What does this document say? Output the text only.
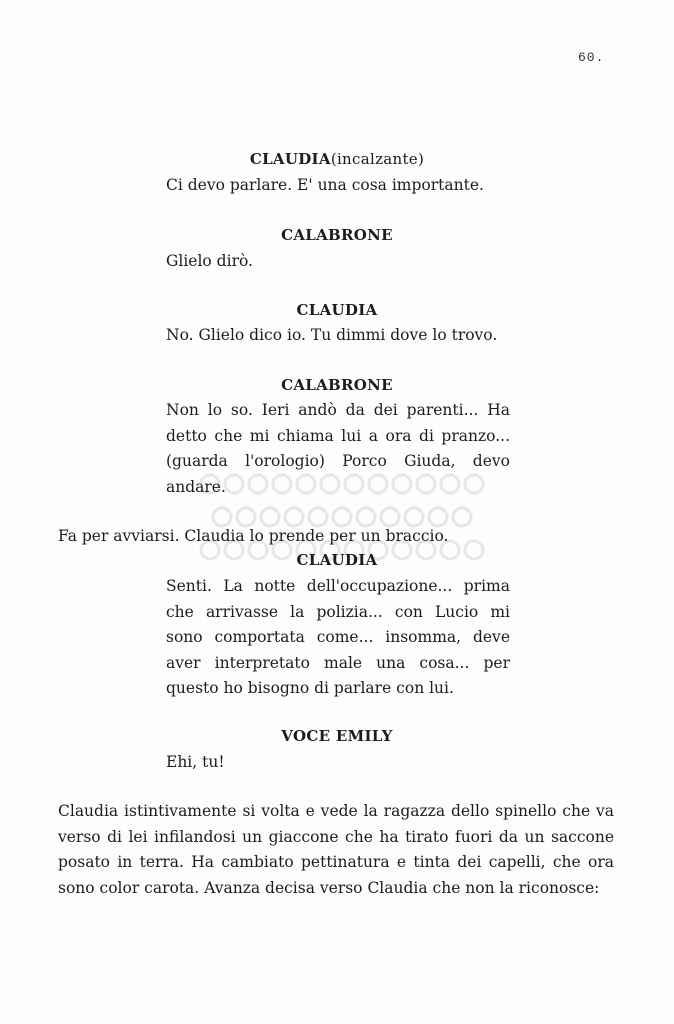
60.
CLAUDIA(incalzante)
Ci devo parlare. E' una cosa importante.
CALABRONE
Glielo dirò.
CLAUDIA
No. Glielo dico io. Tu dimmi dove lo trovo.
CALABRONE
Non lo so. Ieri andò da dei parenti... Ha
detto che mi chiama lui a ora di pranzo...
(guarda l'orologio) Porco Giuda, devo
andare.
Fa per avviarsi. Claudia lo prende per un braccio.
CLAUDIA
Senti. La notte dell'occupazione... prima
che arrivasse la polizia... con Lucio mi
sono comportata come... insomma, deve
aver interpretato male una cosa... per
questo ho bisogno di parlare con lui.
VOCE EMILY
Ehi, tu!
Claudia istintivamente si volta e vede la ragazza dello spinello che va
verso di lei infilandosi un giaccone che ha tirato fuori da un saccone
posato in terra. Ha cambiato pettinatura e tinta dei capelli, che ora
sono color carota. Avanza decisa verso Claudia che non la riconosce:
